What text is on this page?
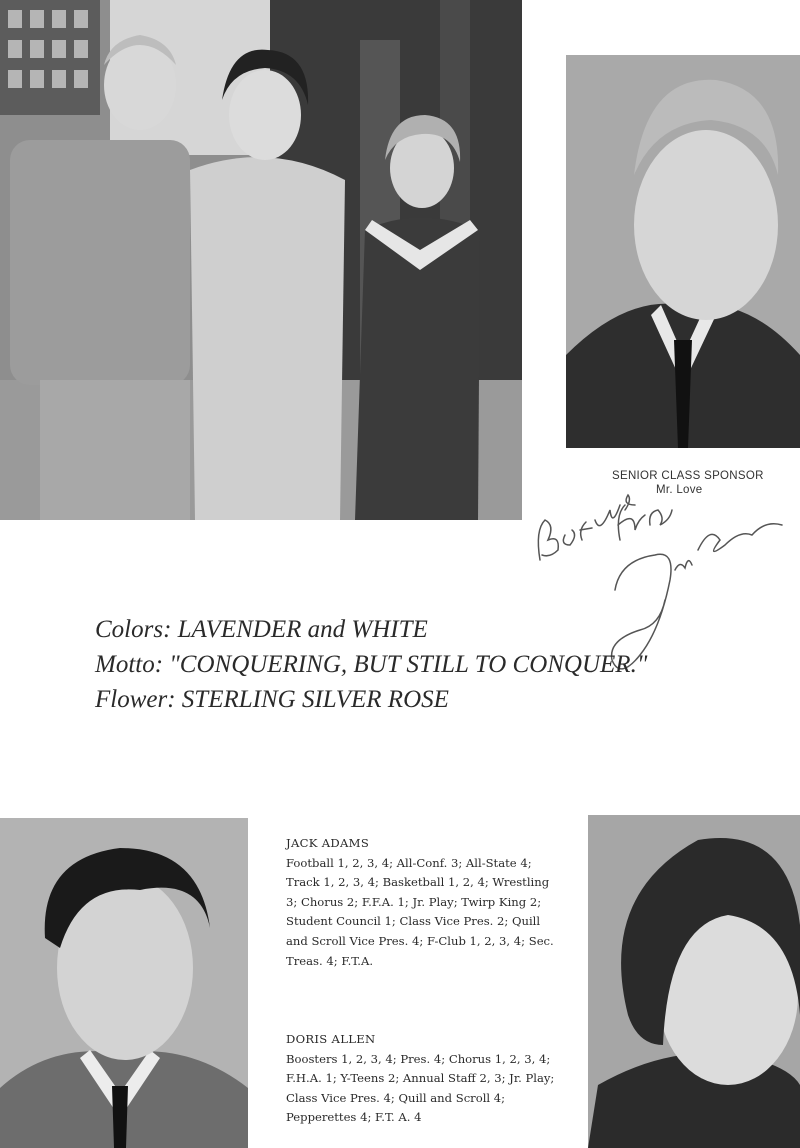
SENIOR CLASS SPONSOR
Mr. Love
Colors: LAVENDER and WHITE
Motto: "CONQUERING, BUT STILL TO CONQUER."
Flower: STERLING SILVER ROSE
JACK ADAMS
Football 1, 2, 3, 4; All-Conf. 3; All-State 4; Track 1, 2, 3, 4; Basketball 1, 2, 4; Wrestling 3; Chorus 2; F.F.A. 1; Jr. Play; Twirp King 2; Student Council 1; Class Vice Pres. 2; Quill and Scroll Vice Pres. 4; F-Club 1, 2, 3, 4; Sec. Treas. 4; F.T.A.
DORIS ALLEN
Boosters 1, 2, 3, 4; Pres. 4; Chorus 1, 2, 3, 4; F.H.A. 1; Y-Teens 2; Annual Staff 2, 3; Jr. Play; Class Vice Pres. 4; Quill and Scroll 4; Pepperettes 4; F.T. A. 4
